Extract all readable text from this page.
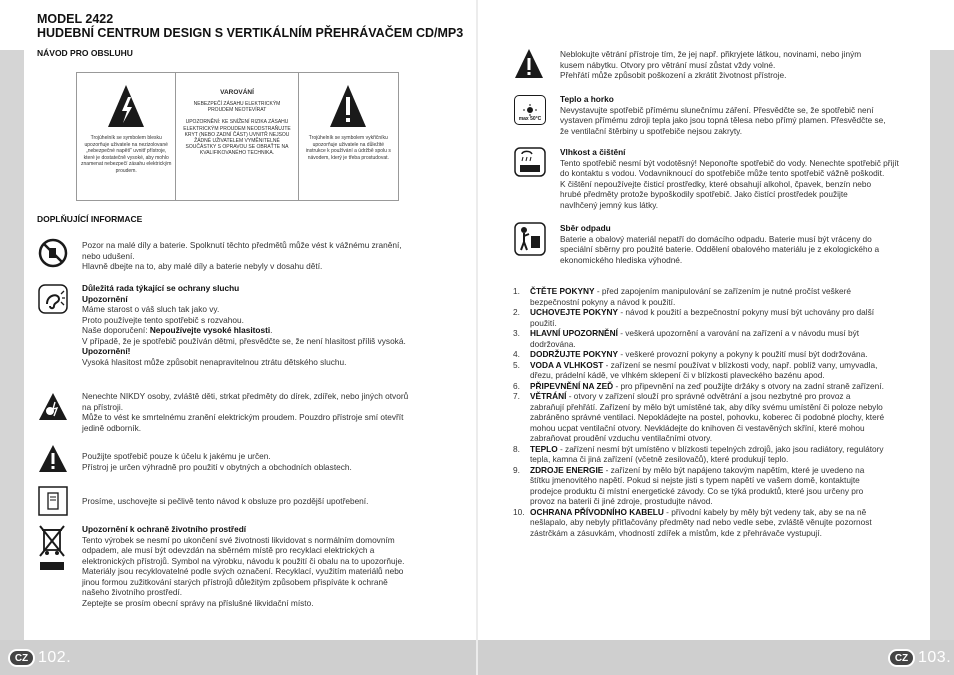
MODEL 2422
HUDEBNÍ CENTRUM DESIGN S VERTIKÁLNÍM PŘEHRÁVAČEM CD/MP3
NÁVOD PRO OBSLUHU
Trojúhelník se symbolem blesku upozorňuje uživatele na nezizolované „nebezpečné napětí“ uvnitř přístroje, které je dostatečně vysoké, aby mohlo znamenat nebezpečí zásahu elektrickým proudem.
VAROVÁNÍ
NEBEZPEČÍ ZÁSAHU ELEKTRICKÝM PROUDEM NEOTEVÍRAT
UPOZORNĚNÍ: KE SNÍŽENÍ RIZIKA ZÁSAHU ELEKTRICKÝM PROUDEM NEODSTRAŇUJTE KRYT (NEBO ZADNÍ ČÁST) UVNITŘ NEJSOU ŽÁDNÉ UŽIVATELEM VYMĚNITELNÉ SOUČÁSTKY S OPRAVOU SE OBRAŤTE NA KVALIFIKOVANÉHO TECHNIKA.
Trojúhelník se symbolem vykřičníku upozorňuje uživatele na důležité instrukce k používání a údržbě spolu s návodem, který je třeba prostudovat.
DOPLŇUJÍCÍ INFORMACE
Pozor na malé díly a baterie. Spolknutí těchto předmětů může vést k vážnému zranění,
nebo udušení.
Hlavně dbejte na to, aby malé díly a baterie nebyly v dosahu dětí.
Důležitá rada týkající se ochrany sluchu
Upozornění
Máme starost o váš sluch tak jako vy.
Proto používejte tento spotřebič s rozvahou.
Naše doporučení: Nepoužívejte vysoké hlasitosti.
V případě, že je spotřebič používán dětmi, přesvědčte se, že není hlasitost příliš vysoká.
Upozornění!
Vysoká hlasitost může způsobit nenapravitelnou ztrátu dětského sluchu.
Nenechte NIKDY osoby, zvláště děti, strkat předměty do dírek, zdířek, nebo jiných otvorů
na přístroji.
Může to vést ke smrtelnému zranění elektrickým proudem. Pouzdro přístroje smí otevřít
jedině odborník.
Použijte spotřebič pouze k účelu k jakému je určen.
Přístroj je určen výhradně pro použití v obytných a obchodních oblastech.
Prosíme, uschovejte si pečlivě tento návod k obsluze pro pozdější upotřebení.
Upozornění k ochraně životního prostředí
Tento výrobek se nesmí po ukončení své životnosti likvidovat s normálním domovním
odpadem, ale musí být odevzdán na sběrném místě pro recyklaci elektrických a
elektronických přístrojů. Symbol na výrobku, návodu k použití či obalu na to upozorňuje.
Materiály jsou recyklovatelné podle svých označení. Recyklací, využitím materiálů nebo
jinou formou zužitkování starých přístrojů důležitým způsobem přispíváte k ochraně
našeho životního prostředí.
Zeptejte se prosím obecní správy na příslušné likvidační místo.
CZ 102.
Neblokujte větrání přístroje tím, že jej např. přikryjete látkou, novinami, nebo jiným
kusem nábytku. Otvory pro větrání musí zůstat vždy volné.
Přehřátí může způsobit poškození a zkrátit životnost přístroje.
max 50°C
Teplo a horko
Nevystavujte spotřebič přímému slunečnímu záření. Přesvědčte se, že spotřebič není
vystaven přímému zdroji tepla jako jsou topná tělesa nebo přímý plamen. Přesvědčte se,
že ventilační štěrbiny u spotřebiče nejsou zakryty.
Vlhkost a čištění
Tento spotřebič nesmí být vodotěsný! Neponořte spotřebič do vody. Nenechte spotřebič přijít
do kontaktu s vodou. Vodavniknoucí do spotřebiče může tento spotřebič vážně poškodit.
K čištění nepoužívejte čisticí prostředky, které obsahují alkohol, čpavek, benzín nebo
hrubé předměty protože bypoškodily spotřebič. Jako čistící prostředek použijte
navlhčený jemný kus látky.
Sběr odpadu
Baterie a obalový materiál nepatří do domácího odpadu. Baterie musí být vráceny do
speciální sběrny pro použité baterie. Oddělení obalového materiálu je z ekologického a
ekonomického hlediska výhodné.
1.	ČTĚTE POKYNY - před zapojením manipulování se zařízením je nutné pročíst veškeré
bezpečnostní pokyny a návod k použití.
2.	UCHOVEJTE POKYNY - návod k použití a bezpečnostní pokyny musí být uchovány pro další
použití.
3.	HLAVNÍ UPOZORNĚNÍ - veškerá upozornění a varování na zařízení a v návodu musí být
dodržována.
4.	DODRŽUJTE POKYNY - veškeré provozní pokyny a pokyny k použití musí být dodržována.
5.	VODA A VLHKOST - zařízení se nesmí používat v blízkosti vody, např. poblíž vany, umyvadla,
dřezu, prádelní kádě, ve vlhkém sklepení či v blízkosti plaveckého bazénu apod.
6.	PŘIPEVNĚNÍ NA ZEĎ - pro připevnění na zeď použijte držáky s otvory na zadní straně zařízení.
7.	VĚTRÁNÍ - otvory v zařízení slouží pro správné odvětrání a jsou nezbytné pro provoz a
zabraňují přehřátí. Zařízení by mělo být umístěné tak, aby díky svému umístění či poloze nebylo
zabráněno správné ventilaci. Nepokládejte na postel, pohovku, koberec či podobné plochy, které
mohou ucpat ventilační otvory. Nevkládejte do knihoven či vestavěných skříní, které mohou
zabraňovat proudění vzduchu ventilačními otvory.
8.	TEPLO - zařízení nesmí být umístěno v blízkosti tepelných zdrojů, jako jsou radiátory, regulátory
tepla, kamna či jiná zařízení (včetně zesilovačů), které produkují teplo.
9.	ZDROJE ENERGIE - zařízení by mělo být napájeno takovým napětím, které je uvedeno na
štítku jmenovitého napětí. Pokud si nejste jisti s typem napětí ve vašem domě, kontaktujte
prodejce produktu či místní energetické závody. Co se týká produktů, které jsou určeny pro
provoz na baterii či jiné zdroje, prostudujte návod.
10. OCHRANA PŘÍVODNÍHO KABELU - přívodní kabely by měly být vedeny tak, aby se na ně
nešlapalo, aby nebyly přiťlačovány předměty nad nebo vedle sebe, zvláště věnujte pozornost
zástrčkám a zásuvkám, vhodností zdířek a místům, kde z přehrávače vystupují.
CZ 103.
